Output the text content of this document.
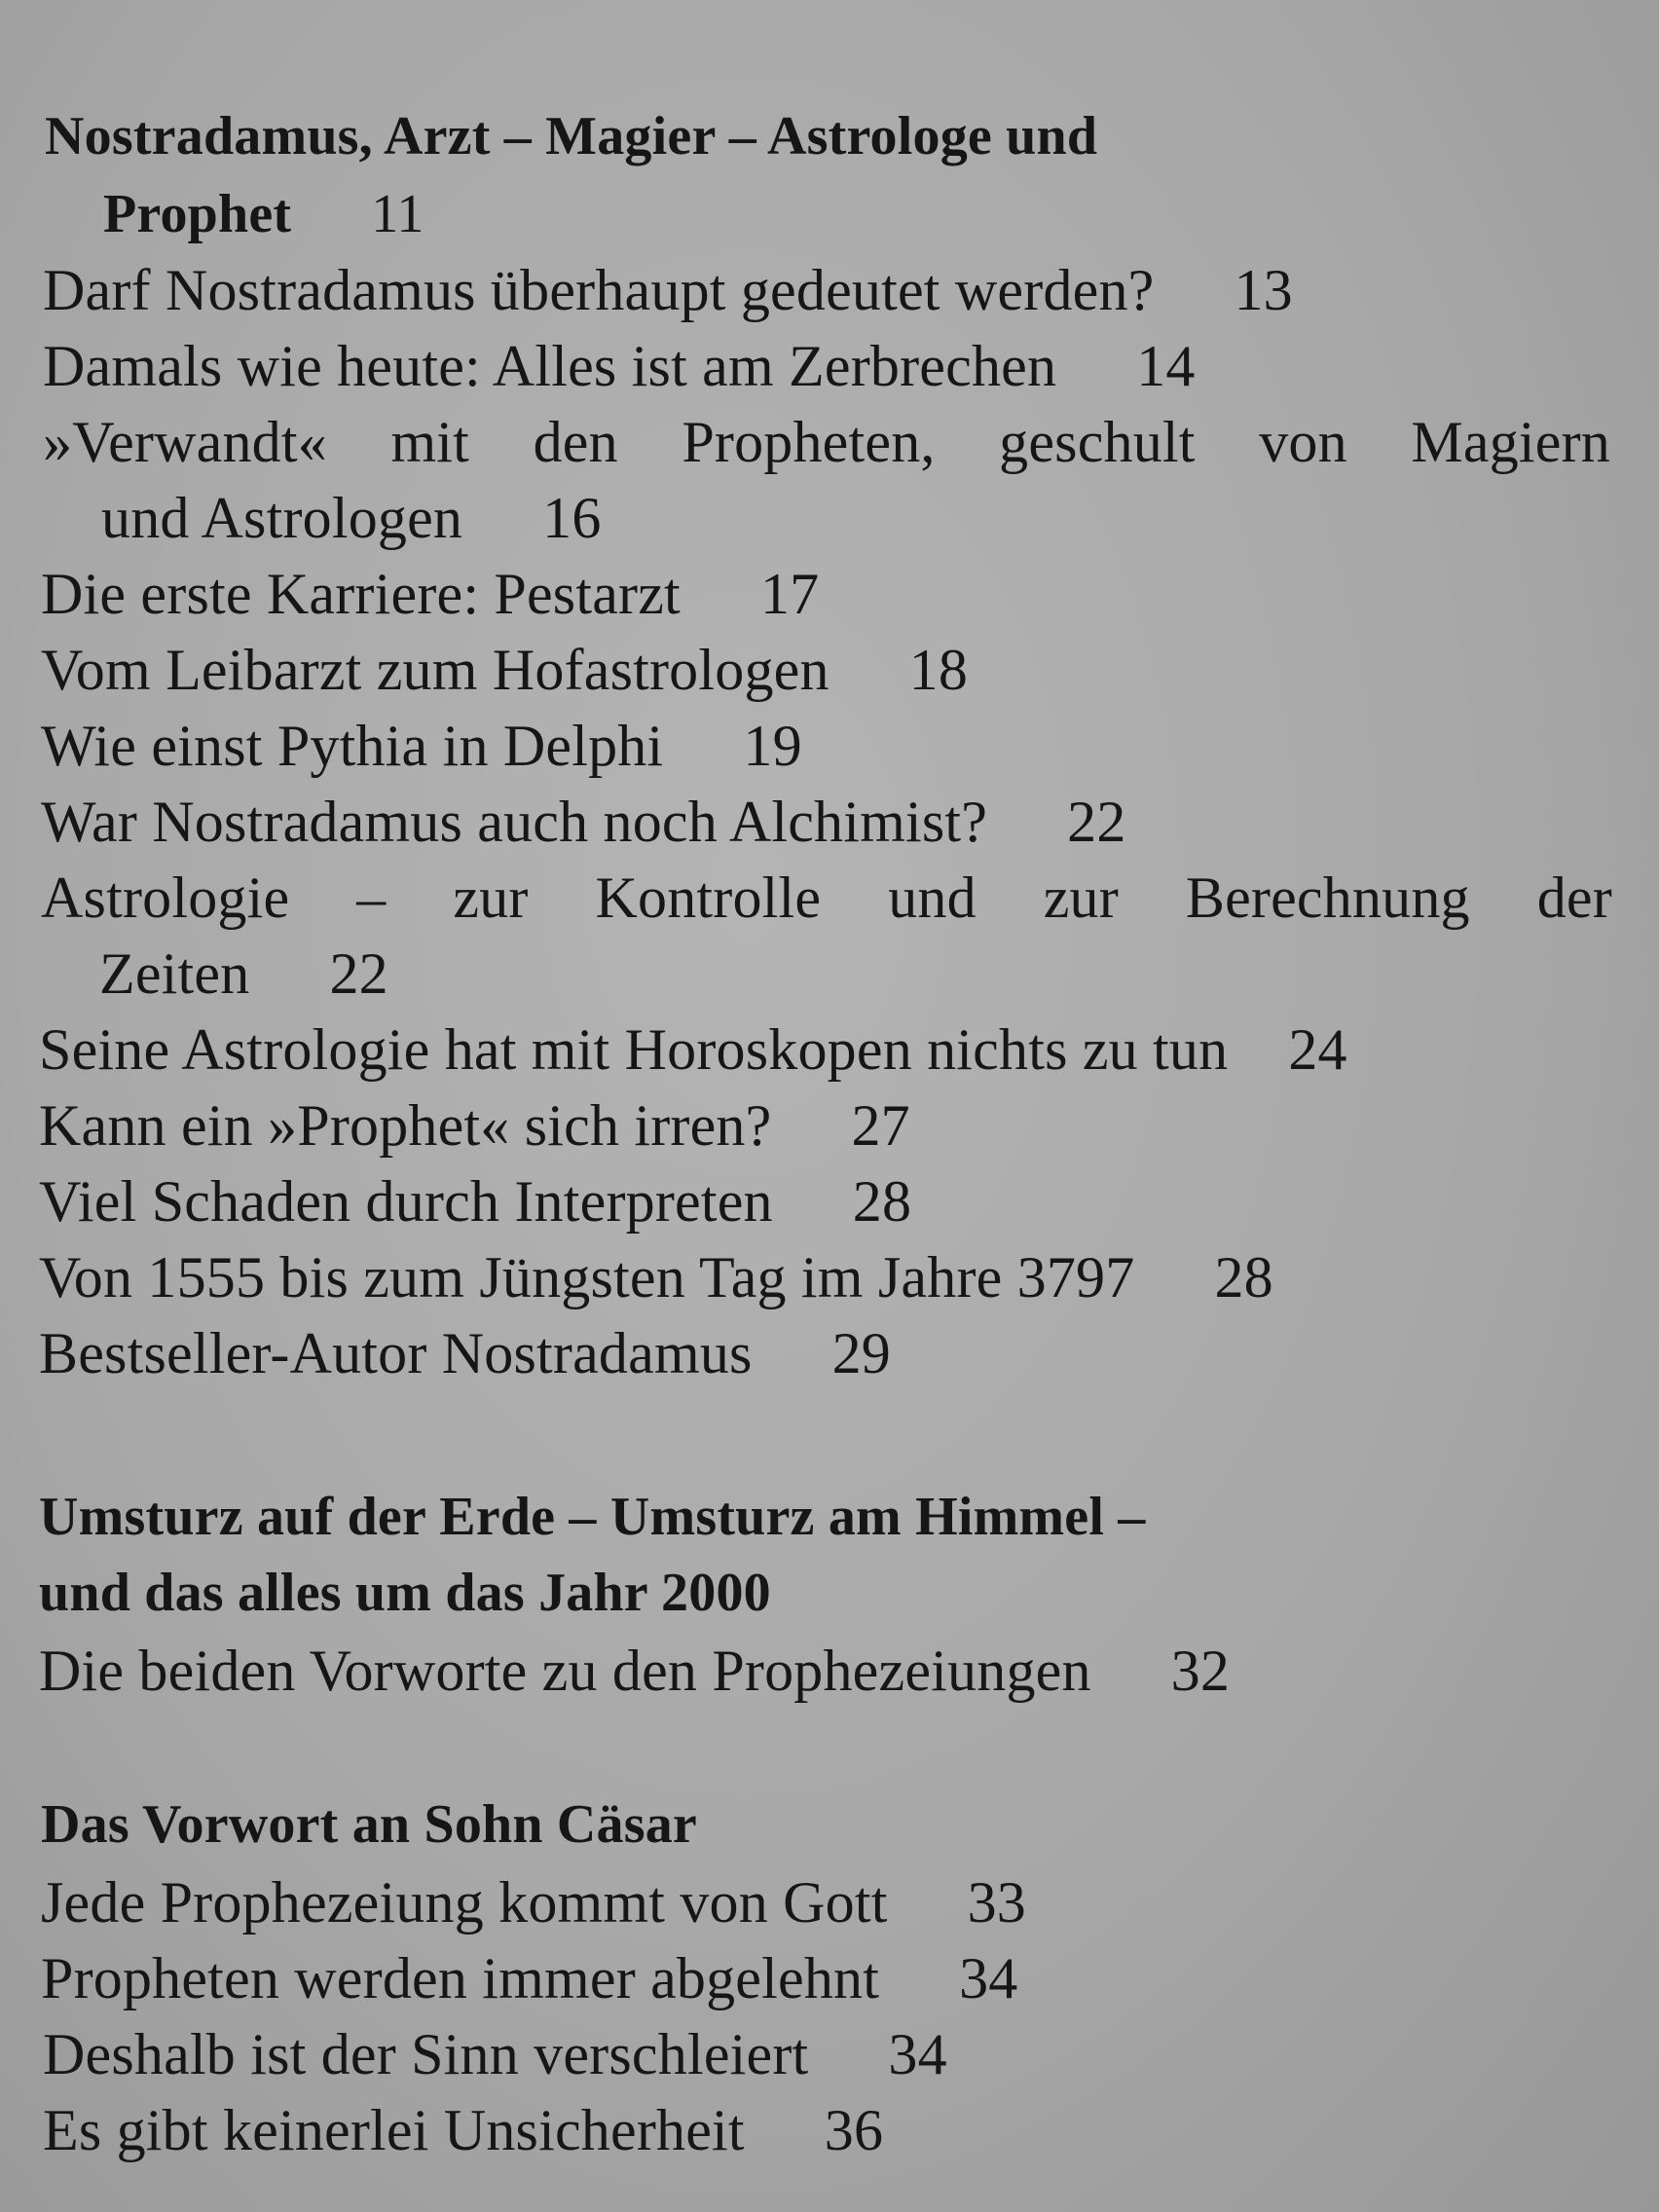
Nostradamus, Arzt – Magier – Astrologe und
Prophet 11
Darf Nostradamus überhaupt gedeutet werden? 13
Damals wie heute: Alles ist am Zerbrechen 14
»Verwandt« mit den Propheten, geschult von Magiern
und Astrologen 16
Die erste Karriere: Pestarzt 17
Vom Leibarzt zum Hofastrologen 18
Wie einst Pythia in Delphi 19
War Nostradamus auch noch Alchimist? 22
Astrologie – zur Kontrolle und zur Berechnung der
Zeiten 22
Seine Astrologie hat mit Horoskopen nichts zu tun 24
Kann ein »Prophet« sich irren? 27
Viel Schaden durch Interpreten 28
Von 1555 bis zum Jüngsten Tag im Jahre 3797 28
Bestseller-Autor Nostradamus 29
Umsturz auf der Erde – Umsturz am Himmel –
und das alles um das Jahr 2000
Die beiden Vorworte zu den Prophezeiungen 32
Das Vorwort an Sohn Cäsar
Jede Prophezeiung kommt von Gott 33
Propheten werden immer abgelehnt 34
Deshalb ist der Sinn verschleiert 34
Es gibt keinerlei Unsicherheit 36
